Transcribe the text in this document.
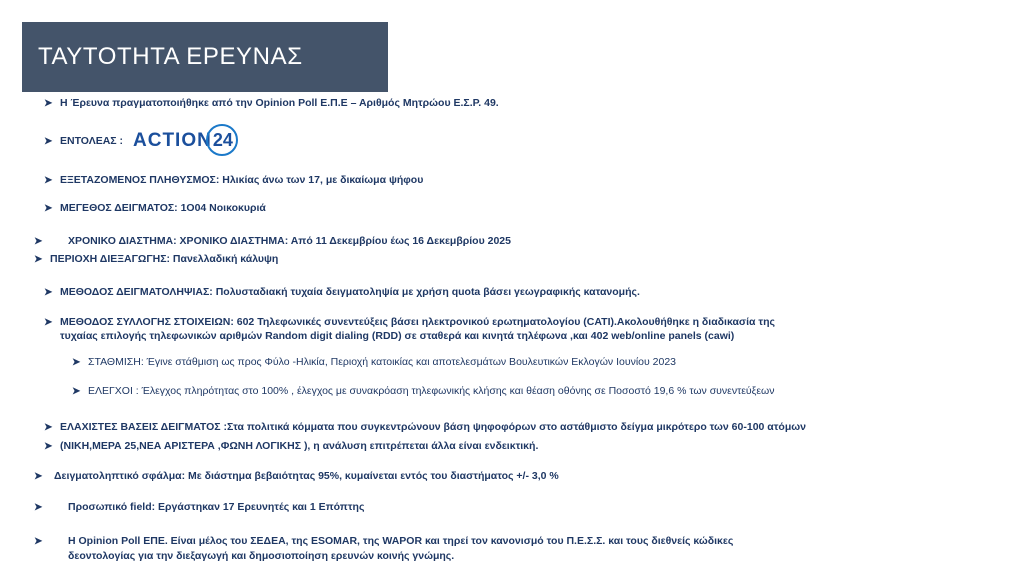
ΤΑΥΤΟΤΗΤΑ ΕΡΕΥΝΑΣ
➤ Η Έρευνα πραγματοποιήθηκε από την Opinion Poll Ε.Π.Ε – Αριθμός Μητρώου Ε.Σ.Ρ. 49.
➤ ΕΝΤΟΛΕΑΣ : ACTION 24
➤ ΕΞΕΤΑΖΟΜΕΝΟΣ ΠΛΗΘΥΣΜΟΣ: Ηλικίας άνω των 17, με δικαίωμα ψήφου
➤ ΜΕΓΕΘΟΣ ΔΕΙΓΜΑΤΟΣ: 1Ο04 Νοικοκυριά
➤	ΧΡΟΝΙΚΟ ΔΙΑΣΤΗΜΑ: ΧΡΟΝΙΚΟ ΔΙΑΣΤΗΜΑ: Από 11 Δεκεμβρίου έως 16 Δεκεμβρίου 2025
➤ ΠΕΡΙΟΧΗ ΔΙΕΞΑΓΩΓΗΣ: Πανελλαδική κάλυψη
➤ ΜΕΘΟΔΟΣ ΔΕΙΓΜΑΤΟΛΗΨΙΑΣ: Πολυσταδιακή τυχαία δειγματοληψία με χρήση quota βάσει γεωγραφικής κατανομής.
➤ ΜΕΘΟΔΟΣ ΣΥΛΛΟΓΗΣ ΣΤΟΙΧΕΙΩΝ: 602 Τηλεφωνικές συνεντεύξεις βάσει ηλεκτρονικού ερωτηματολογίου (CATI).Ακολουθήθηκε η διαδικασία της τυχαίας επιλογής τηλεφωνικών αριθμών Random digit dialing (RDD) σε σταθερά και κινητά τηλέφωνα ,και 402 web/online panels (cawi)
➤ ΣΤΑΘΜΙΣΗ: Έγινε στάθμιση ως προς Φύλο -Ηλικία, Περιοχή κατοικίας και αποτελεσμάτων Βουλευτικών Εκλογών Ιουνίου 2023
➤ ΕΛΕΓΧΟΙ : Έλεγχος πληρότητας στο 100% , έλεγχος με συνακρόαση τηλεφωνικής κλήσης και θέαση οθόνης σε Ποσοστό 19,6 % των συνεντεύξεων
➤ ΕΛΑΧΙΣΤΕΣ ΒΑΣΕΙΣ ΔΕΙΓΜΑΤΟΣ :Στα πολιτικά κόμματα που συγκεντρώνουν βάση ψηφοφόρων στο αστάθμιστο δείγμα μικρότερο των 60-100 ατόμων
➤ (ΝΙΚΗ,ΜΕΡΑ 25,ΝΕΑ ΑΡΙΣΤΕΡΑ ,ΦΩΝΗ ΛΟΓΙΚΗΣ ), η ανάλυση επιτρέπεται άλλα είναι ενδεικτική.
➤	Δειγματοληπτικό σφάλμα: Με διάστημα βεβαιότητας 95%, κυμαίνεται εντός του διαστήματος +/- 3,0 %
➤	Προσωπικό field: Εργάστηκαν 17 Ερευνητές και 1 Επόπτης
➤	Η Opinion Poll ΕΠΕ. Είναι μέλος του ΣΕΔΕΑ, της ESOMAR, της WAPOR και τηρεί τον κανονισμό του Π.Ε.Σ.Σ. και τους διεθνείς κώδικες δεοντολογίας για την διεξαγωγή και δημοσιοποίηση ερευνών κοινής γνώμης.
